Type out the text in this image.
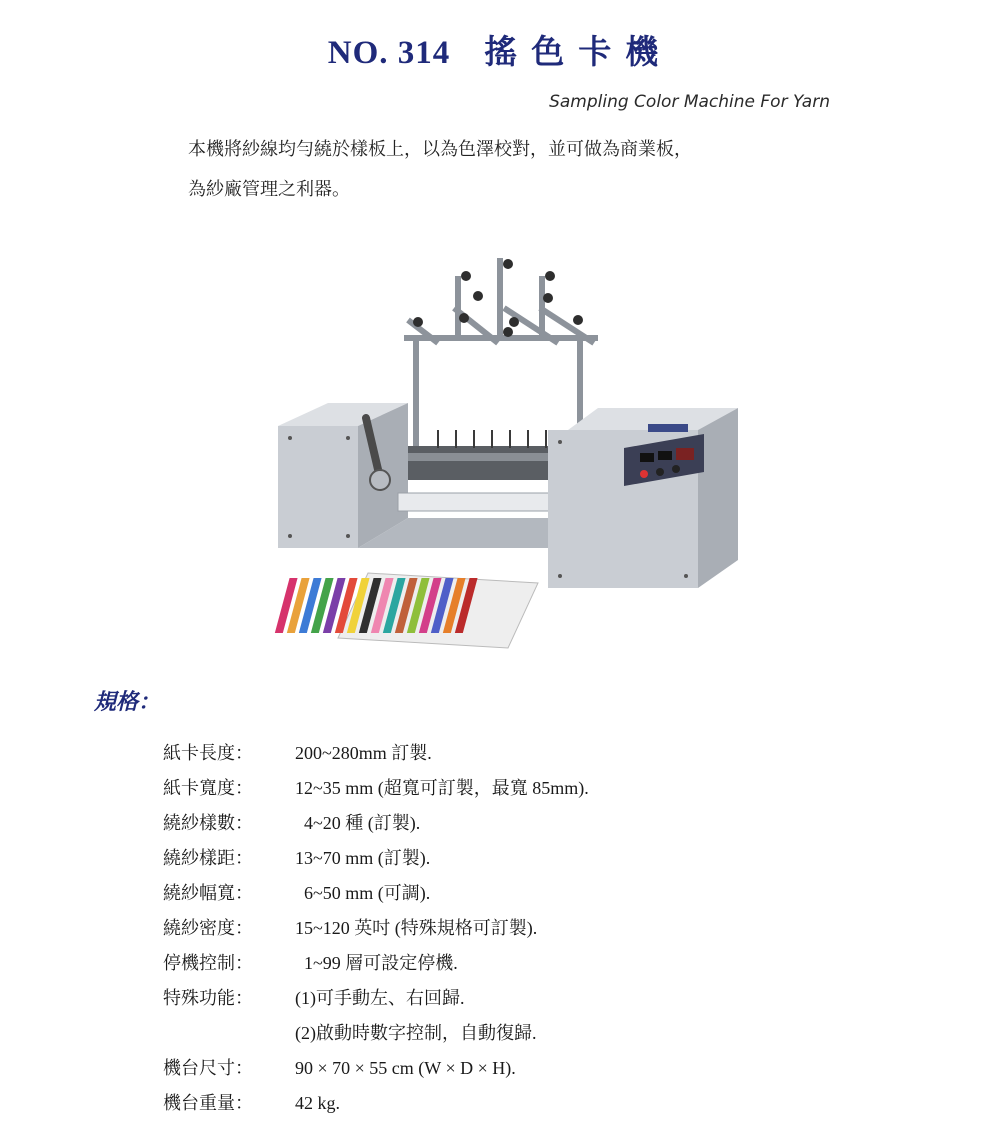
NO. 314 搖色卡機
Sampling Color Machine For Yarn
本機將紗線均勻繞於樣板上，以為色澤校對，並可做為商業板，
為紗廠管理之利器。
規格：
紙卡長度：	200~280mm 訂製.
紙卡寬度：	12~35 mm (超寬可訂製，最寬 85mm).
繞紗樣數：	4~20 種 (訂製).
繞紗樣距：	13~70 mm (訂製).
繞紗幅寬：	6~50 mm (可調).
繞紗密度：	15~120 英吋 (特殊規格可訂製).
停機控制：	1~99 層可設定停機.
特殊功能：	(1)可手動左、右回歸.
(2)啟動時數字控制，自動復歸.
機台尺寸：	90 × 70 × 55 cm (W × D × H).
機台重量：	42 kg.
